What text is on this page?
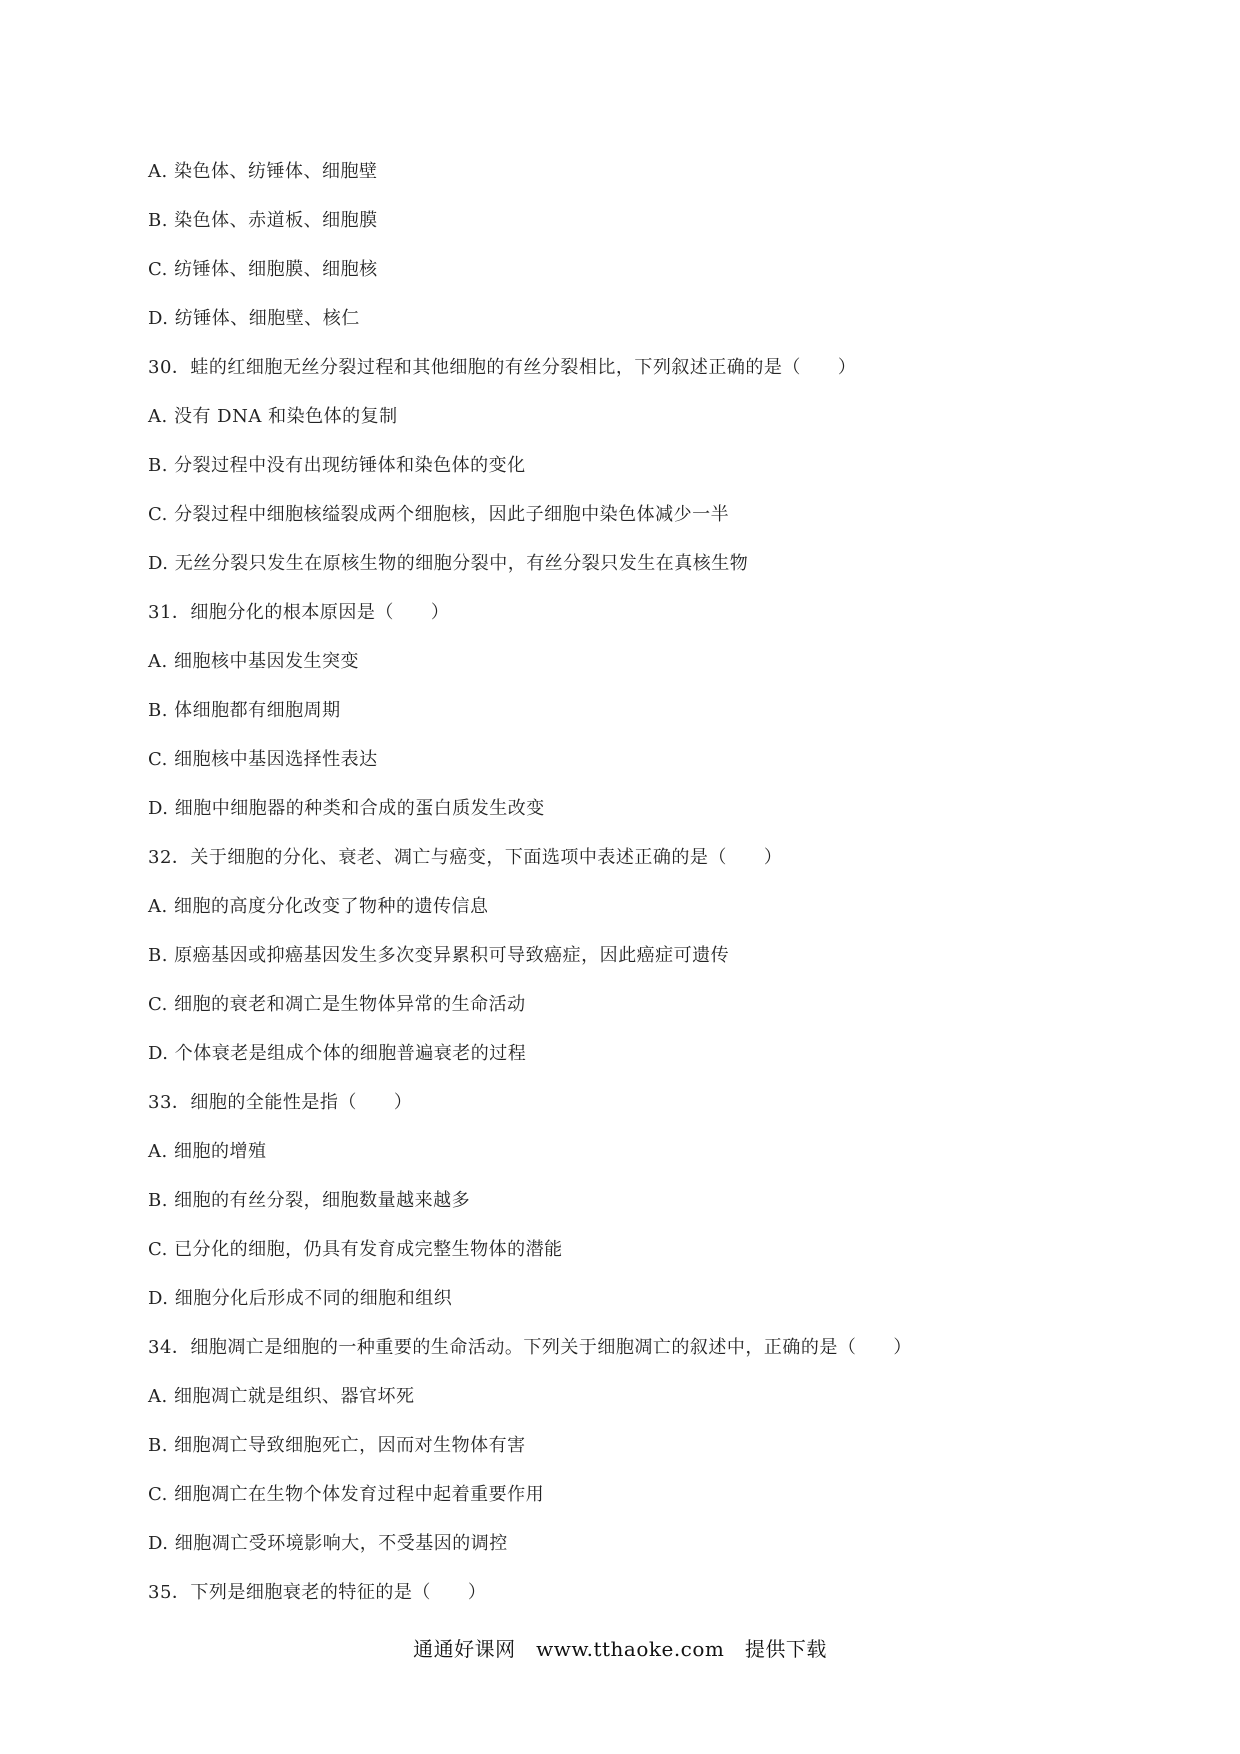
A. 染色体、纺锤体、细胞壁
B. 染色体、赤道板、细胞膜
C. 纺锤体、细胞膜、细胞核
D. 纺锤体、细胞壁、核仁
30．蛙的红细胞无丝分裂过程和其他细胞的有丝分裂相比，下列叙述正确的是（　　）
A. 没有 DNA 和染色体的复制
B. 分裂过程中没有出现纺锤体和染色体的变化
C. 分裂过程中细胞核缢裂成两个细胞核，因此子细胞中染色体减少一半
D. 无丝分裂只发生在原核生物的细胞分裂中，有丝分裂只发生在真核生物
31．细胞分化的根本原因是（　　）
A. 细胞核中基因发生突变
B. 体细胞都有细胞周期
C. 细胞核中基因选择性表达
D. 细胞中细胞器的种类和合成的蛋白质发生改变
32．关于细胞的分化、衰老、凋亡与癌变，下面选项中表述正确的是（　　）
A. 细胞的高度分化改变了物种的遗传信息
B. 原癌基因或抑癌基因发生多次变异累积可导致癌症，因此癌症可遗传
C. 细胞的衰老和凋亡是生物体异常的生命活动
D. 个体衰老是组成个体的细胞普遍衰老的过程
33．细胞的全能性是指（　　）
A. 细胞的增殖
B. 细胞的有丝分裂，细胞数量越来越多
C. 已分化的细胞，仍具有发育成完整生物体的潜能
D. 细胞分化后形成不同的细胞和组织
34．细胞凋亡是细胞的一种重要的生命活动。下列关于细胞凋亡的叙述中，正确的是（　　）
A. 细胞凋亡就是组织、器官坏死
B. 细胞凋亡导致细胞死亡，因而对生物体有害
C. 细胞凋亡在生物个体发育过程中起着重要作用
D. 细胞凋亡受环境影响大，不受基因的调控
35．下列是细胞衰老的特征的是（　　）
通通好课网　www.tthaoke.com　提供下载
